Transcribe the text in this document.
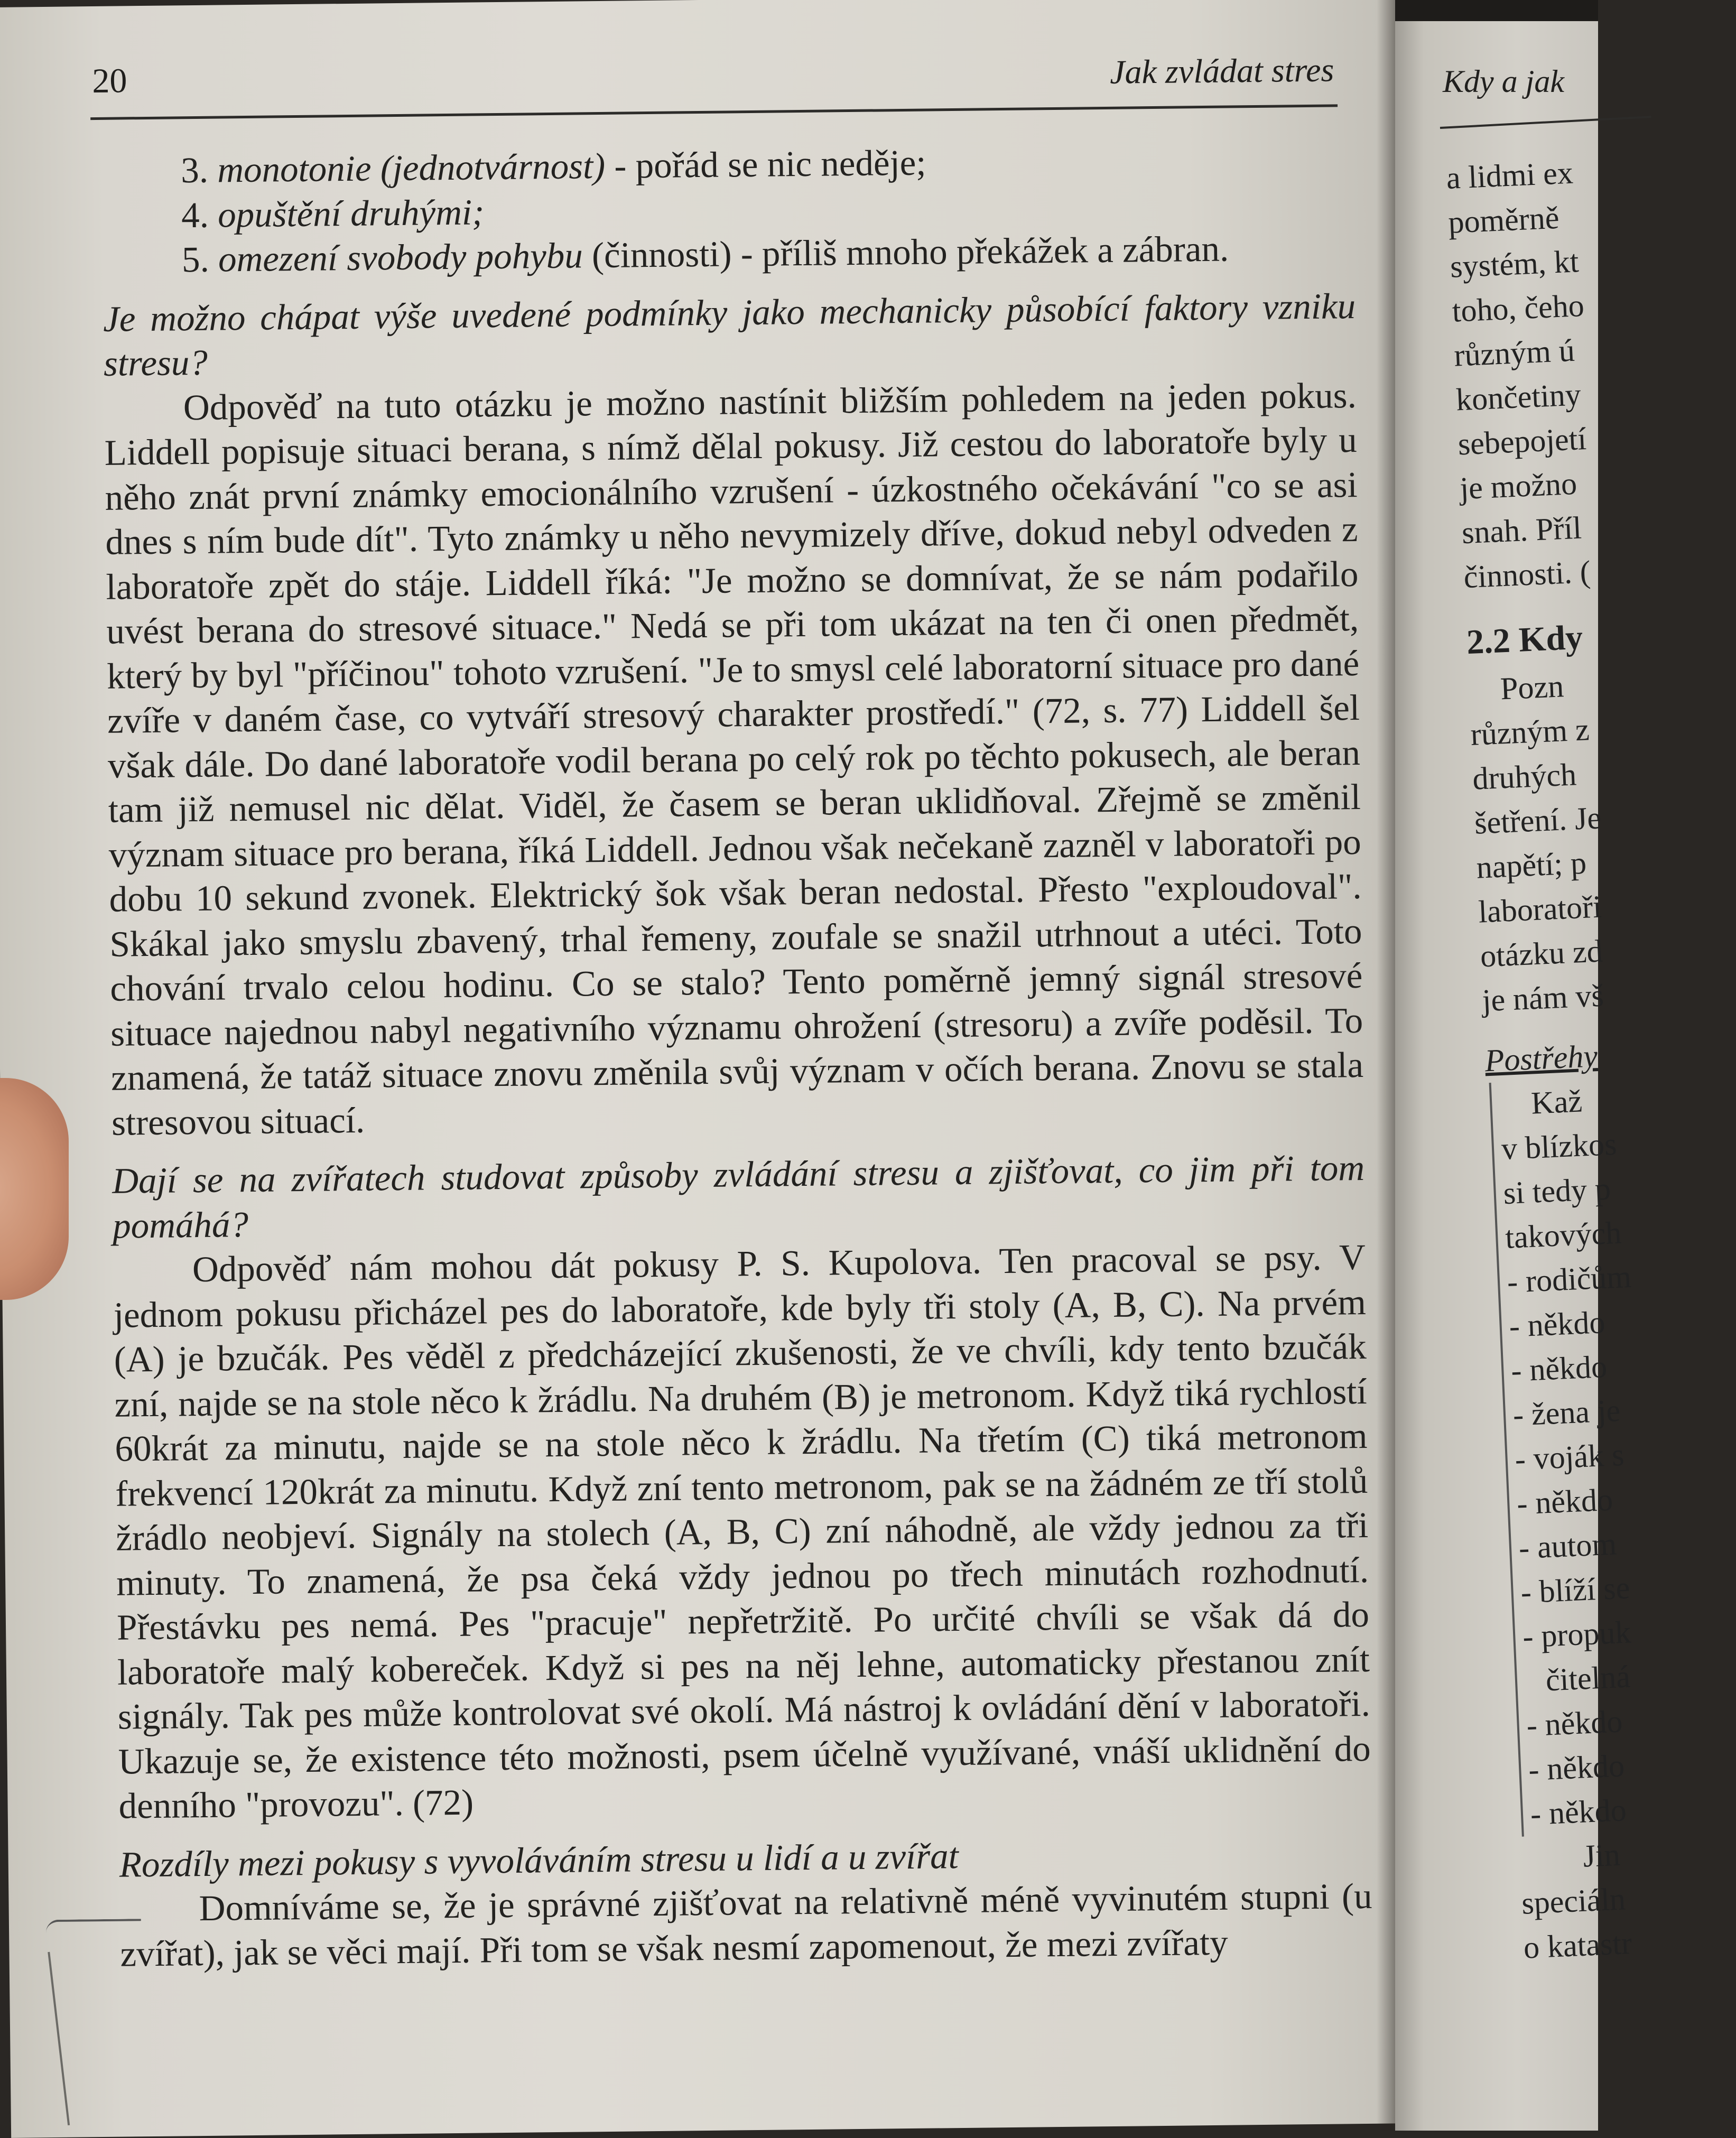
20	Jak zvládat stres
3. monotonie (jednotvárnost) - pořád se nic neděje;
4. opuštění druhými;
5. omezení svobody pohybu (činnosti) - příliš mnoho překážek a zábran.
Je možno chápat výše uvedené podmínky jako mechanicky působící faktory vzniku stresu?

Odpověď na tuto otázku je možno nastínit bližším pohledem na jeden pokus. Liddell popisuje situaci berana, s nímž dělal pokusy. Již cestou do laboratoře byly u něho znát první známky emocionálního vzrušení - úzkostného očekávání "co se asi dnes s ním bude dít". Tyto známky u něho nevymizely dříve, dokud nebyl odveden z laboratoře zpět do stáje. Liddell říká: "Je možno se domnívat, že se nám podařilo uvést berana do stresové situace." Nedá se při tom ukázat na ten či onen předmět, který by byl "příčinou" tohoto vzrušení. "Je to smysl celé laboratorní situace pro dané zvíře v daném čase, co vytváří stresový charakter prostředí." (72, s. 77) Liddell šel však dále. Do dané laboratoře vodil berana po celý rok po těchto pokusech, ale beran tam již nemusel nic dělat. Viděl, že časem se beran uklidňoval. Zřejmě se změnil význam situace pro berana, říká Liddell. Jednou však nečekaně zazněl v laboratoři po dobu 10 sekund zvonek. Elektrický šok však beran nedostal. Přesto "exploudoval". Skákal jako smyslu zbavený, trhal řemeny, zoufale se snažil utrhnout a utéci. Toto chování trvalo celou hodinu. Co se stalo? Tento poměrně jemný signál stresové situace najednou nabyl negativního významu ohrožení (stresoru) a zvíře poděsil. To znamená, že tatáž situace znovu změnila svůj význam v očích berana. Znovu se stala stresovou situací.

Dají se na zvířatech studovat způsoby zvládání stresu a zjišťovat, co jim při tom pomáhá?

Odpověď nám mohou dát pokusy P. S. Kupolova. Ten pracoval se psy. V jednom pokusu přicházel pes do laboratoře, kde byly tři stoly (A, B, C). Na prvém (A) je bzučák. Pes věděl z předcházející zkušenosti, že ve chvíli, kdy tento bzučák zní, najde se na stole něco k žrádlu. Na druhém (B) je metronom. Když tiká rychlostí 60krát za minutu, najde se na stole něco k žrádlu. Na třetím (C) tiká metronom frekvencí 120krát za minutu. Když zní tento metronom, pak se na žádném ze tří stolů žrádlo neobjeví. Signály na stolech (A, B, C) zní náhodně, ale vždy jednou za tři minuty. To znamená, že psa čeká vždy jednou po třech minutách rozhodnutí. Přestávku pes nemá. Pes "pracuje" nepřetržitě. Po určité chvíli se však dá do laboratoře malý kobereček. Když si pes na něj lehne, automaticky přestanou znít signály. Tak pes může kontrolovat své okolí. Má nástroj k ovládání dění v laboratoři. Ukazuje se, že existence této možnosti, psem účelně využívané, vnáší uklidnění do denního "provozu". (72)

Rozdíly mezi pokusy s vyvoláváním stresu u lidí a u zvířat

Domníváme se, že je správné zjišťovat na relativně méně vyvinutém stupni (u zvířat), jak se věci mají. Při tom se však nesmí zapomenout, že mezi zvířaty

Kdy a jak
a lidmi ex
poměrně
systém, kt
toho, čeho
různým ú
končetiny
sebepojetí
je možno
snah. Příl
činnosti. (
2.2 Kdy
Pozn
různým z
druhých
šetření. Je
napětí; p
laboratoři
otázku zd
je nám vš
Postřehy
Kaž
v blízkos
si tedy p
takových
- rodičům
- někdo
- někdo
- žena je
- voják s
- někdo
- autom
- blíží se
- propuk
čitelná
- někdo
- někdo
- někdo
Jin
speciáln
o katastr
